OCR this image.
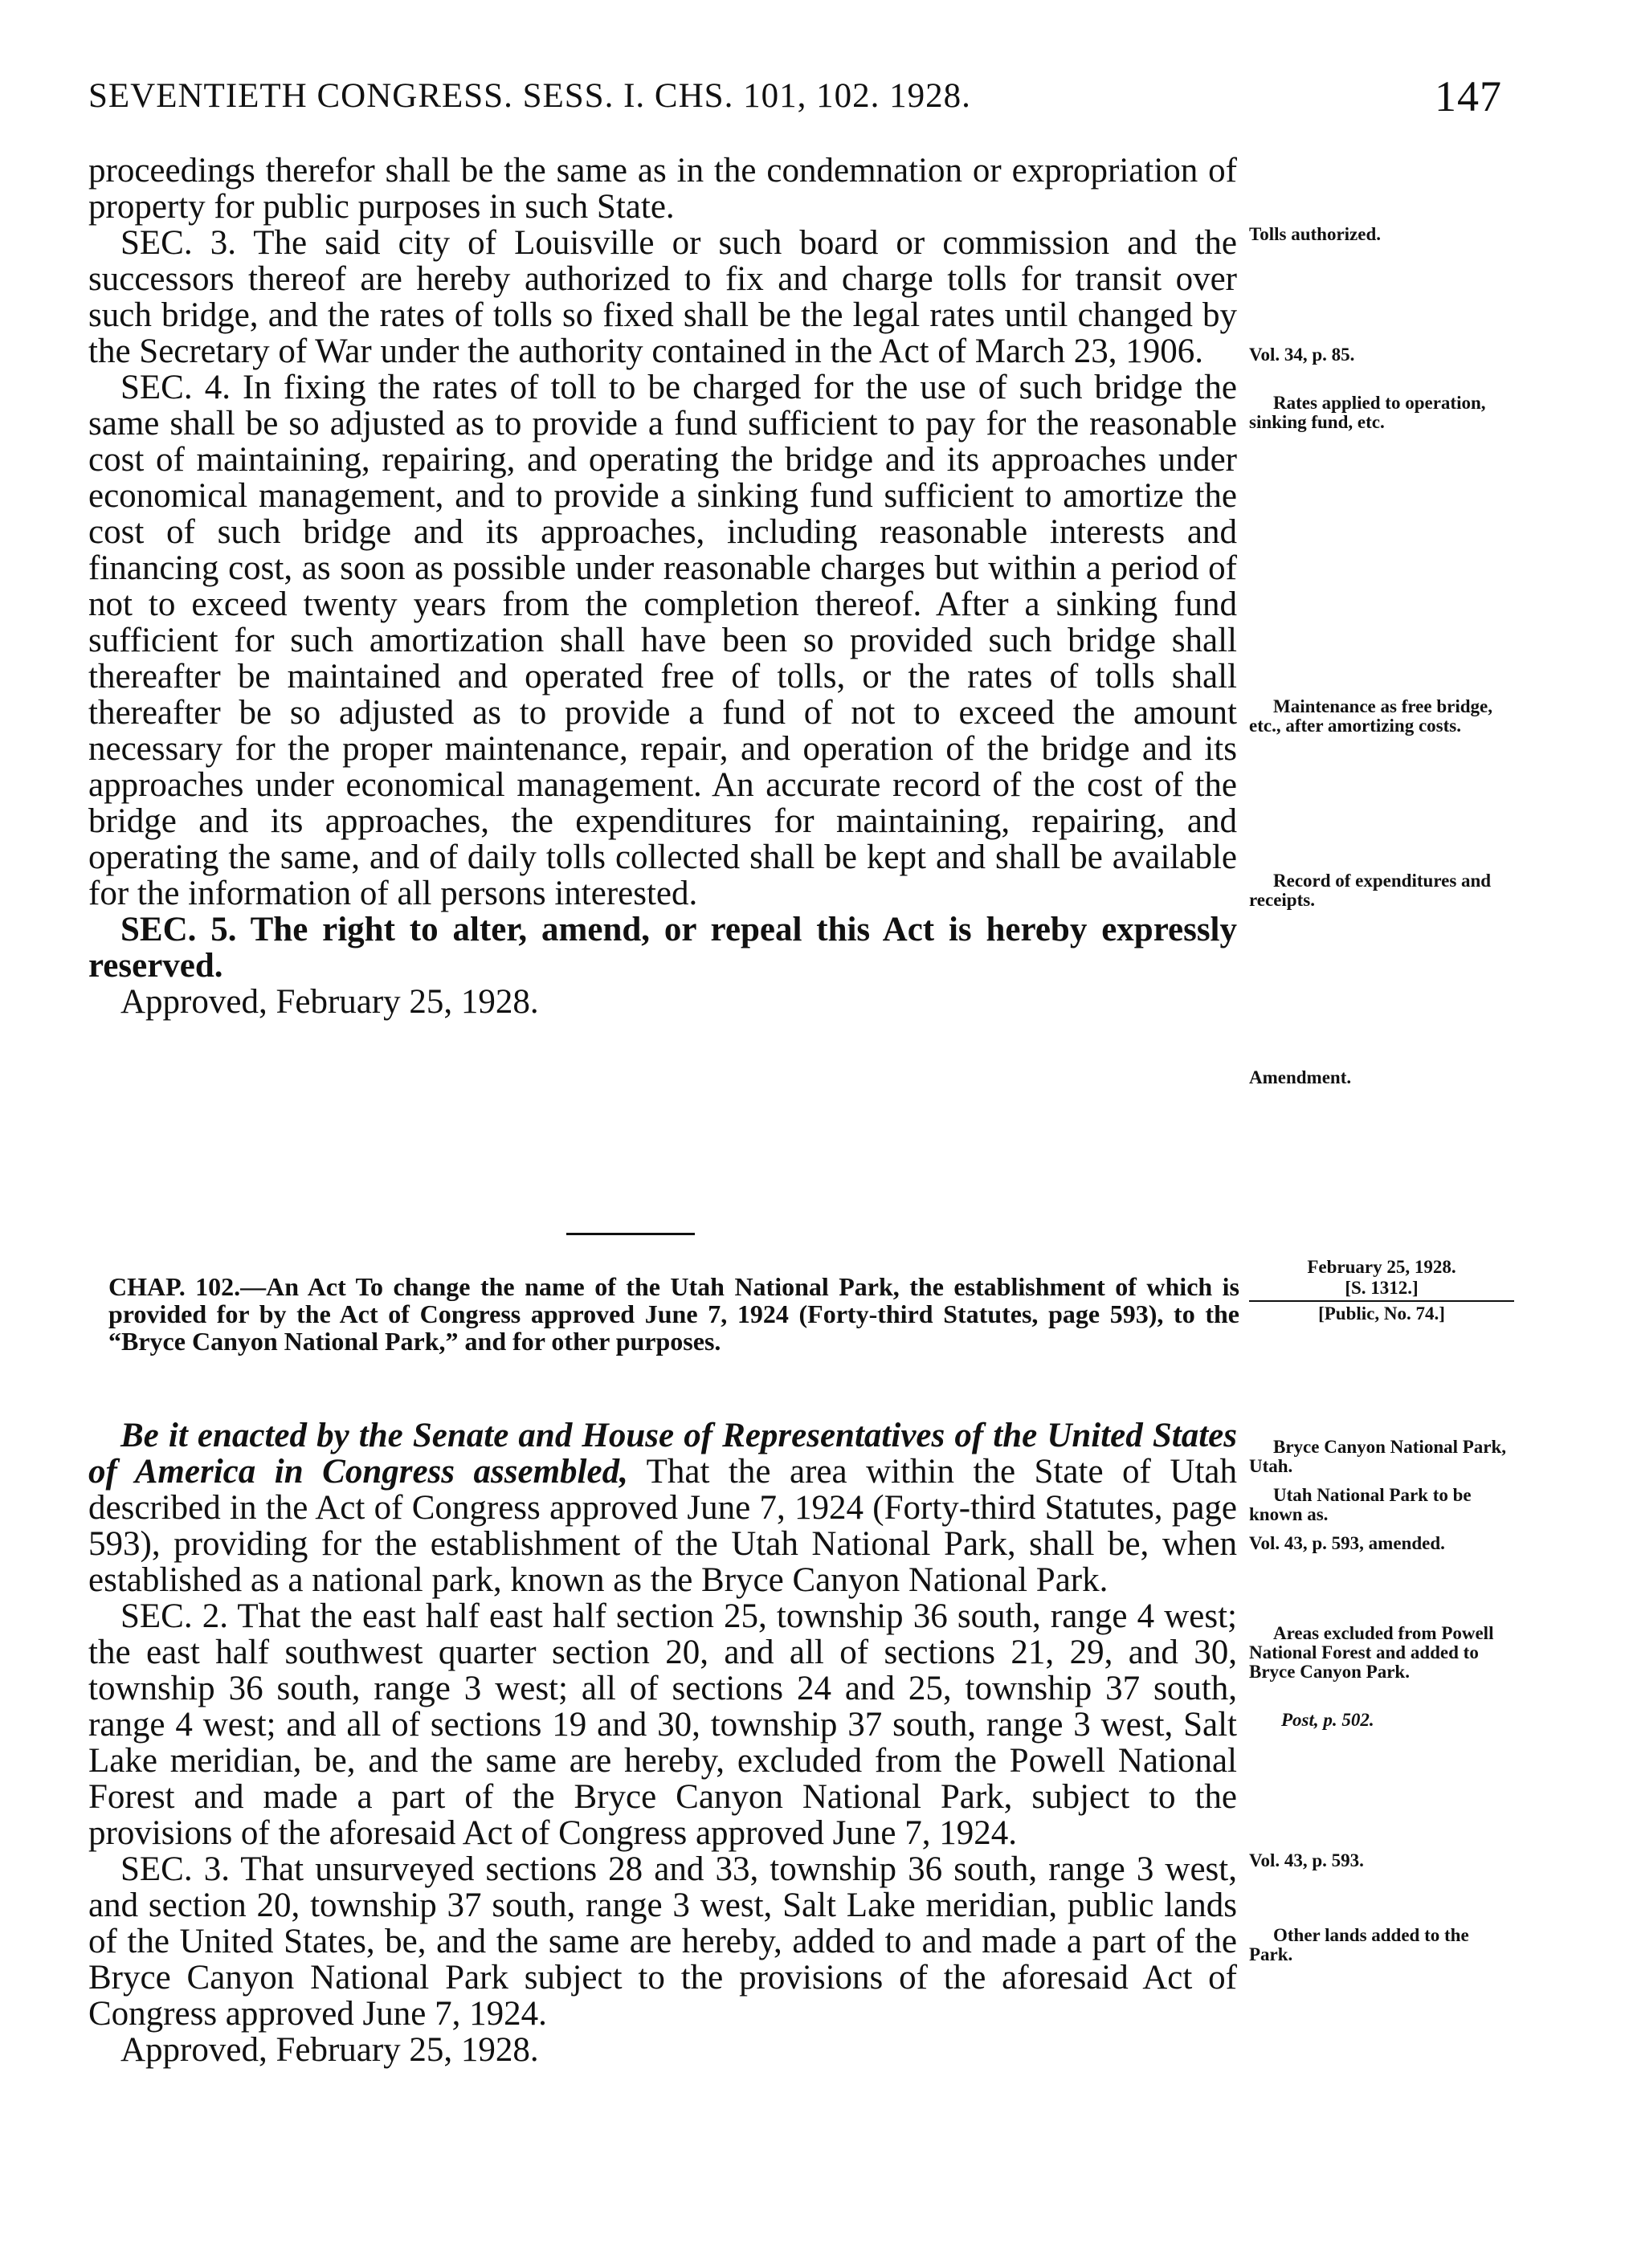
SEVENTIETH CONGRESS. SESS. I. CHS. 101, 102. 1928.	147

proceedings therefor shall be the same as in the condemnation or expropriation of property for public purposes in such State.

SEC. 3. The said city of Louisville or such board or commission and the successors thereof are hereby authorized to fix and charge tolls for transit over such bridge, and the rates of tolls so fixed shall be the legal rates until changed by the Secretary of War under the authority contained in the Act of March 23, 1906.

SEC. 4. In fixing the rates of toll to be charged for the use of such bridge the same shall be so adjusted as to provide a fund sufficient to pay for the reasonable cost of maintaining, repairing, and operating the bridge and its approaches under economical management, and to provide a sinking fund sufficient to amortize the cost of such bridge and its approaches, including reasonable interests and financing cost, as soon as possible under reasonable charges but within a period of not to exceed twenty years from the completion thereof. After a sinking fund sufficient for such amortization shall have been so provided such bridge shall thereafter be maintained and operated free of tolls, or the rates of tolls shall thereafter be so adjusted as to provide a fund of not to exceed the amount necessary for the proper maintenance, repair, and operation of the bridge and its approaches under economical management. An accurate record of the cost of the bridge and its approaches, the expenditures for maintaining, repairing, and operating the same, and of daily tolls collected shall be kept and shall be available for the information of all persons interested.

SEC. 5. The right to alter, amend, or repeal this Act is hereby expressly reserved.

Approved, February 25, 1928.

February 25, 1928.
[S. 1312.]
[Public, No. 74.]

CHAP. 102.—An Act To change the name of the Utah National Park, the establishment of which is provided for by the Act of Congress approved June 7, 1924 (Forty-third Statutes, page 593), to the “Bryce Canyon National Park,” and for other purposes.

Be it enacted by the Senate and House of Representatives of the United States of America in Congress assembled, That the area within the State of Utah described in the Act of Congress approved June 7, 1924 (Forty-third Statutes, page 593), providing for the establishment of the Utah National Park, shall be, when established as a national park, known as the Bryce Canyon National Park.

SEC. 2. That the east half east half section 25, township 36 south, range 4 west; the east half southwest quarter section 20, and all of sections 21, 29, and 30, township 36 south, range 3 west; all of sections 24 and 25, township 37 south, range 4 west; and all of sections 19 and 30, township 37 south, range 3 west, Salt Lake meridian, be, and the same are hereby, excluded from the Powell National Forest and made a part of the Bryce Canyon National Park, subject to the provisions of the aforesaid Act of Congress approved June 7, 1924.

SEC. 3. That unsurveyed sections 28 and 33, township 36 south, range 3 west, and section 20, township 37 south, range 3 west, Salt Lake meridian, public lands of the United States, be, and the same are hereby, added to and made a part of the Bryce Canyon National Park subject to the provisions of the aforesaid Act of Congress approved June 7, 1924.

Approved, February 25, 1928.

Tolls authorized.
Vol. 34, p. 85.
Rates applied to operation, sinking fund, etc.
Maintenance as free bridge, etc., after amortizing costs.
Record of expenditures and receipts.
Amendment.
Bryce Canyon National Park, Utah.
Utah National Park to be known as.
Vol. 43, p. 593, amended.
Areas excluded from Powell National Forest and added to Bryce Canyon Park.
Post, p. 502.
Vol. 43, p. 593.
Other lands added to the Park.
